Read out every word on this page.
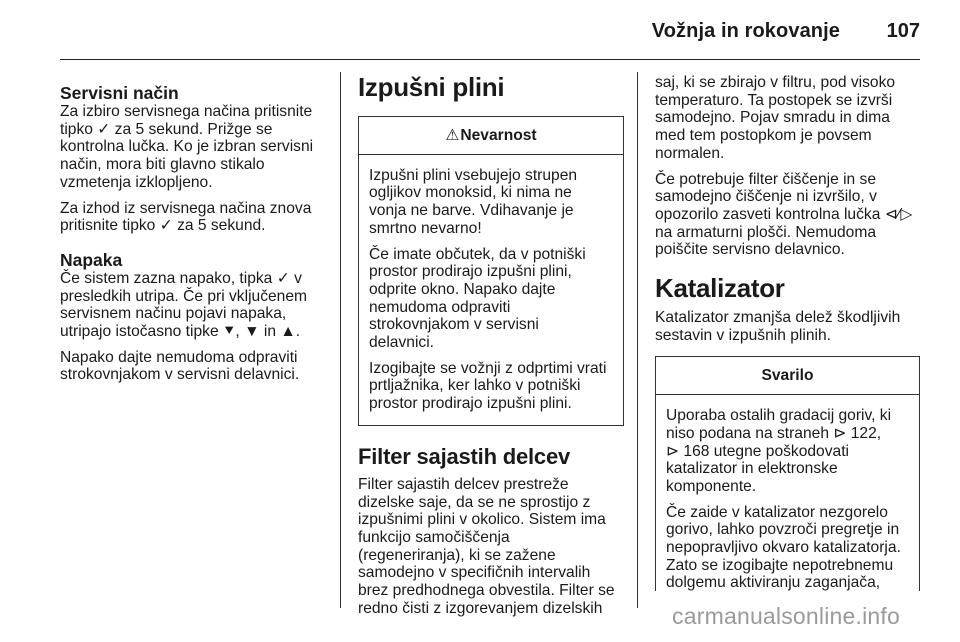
Vožnja in rokovanje 107
Servisni način

Za izbiro servisnega načina pritisnite
tipko ✓ za 5 sekund. Prižge se
kontrolna lučka. Ko je izbran servisni
način, mora biti glavno stikalo
vzmetenja izklopljeno.

Za izhod iz servisnega načina znova
pritisnite tipko ✓ za 5 sekund.

Napaka

Če sistem zazna napako, tipka ✓ v
presledkih utripa. Če pri vključenem
servisnem načinu pojavi napaka,
utripajo istočasno tipke ⯆, ▼ in ▲.

Napako dajte nemudoma odpraviti
strokovnjakom v servisni delavnici.

Izpušni plini
⚠Nevarnost

Izpušni plini vsebujejo strupen
ogljikov monoksid, ki nima ne
vonja ne barve. Vdihavanje je
smrtno nevarno!

Če imate občutek, da v potniški
prostor prodirajo izpušni plini,
odprite okno. Napako dajte
nemudoma odpraviti
strokovnjakom v servisni
delavnici.

Izogibajte se vožnji z odprtimi vrati
prtljažnika, ker lahko v potniški
prostor prodirajo izpušni plini.

Filter sajastih delcev

Filter sajastih delcev prestreže
dizelske saje, da se ne sprostijo z
izpušnimi plini v okolico. Sistem ima
funkcijo samočiščenja
(regeneriranja), ki se zažene
samodejno v specifičnih intervalih
brez predhodnega obvestila. Filter se
redno čisti z izgorevanjem dizelskih

saj, ki se zbirajo v filtru, pod visoko
temperaturo. Ta postopek se izvrši
samodejno. Pojav smradu in dima
med tem postopkom je povsem
normalen.

Če potrebuje filter čiščenje in se
samodejno čiščenje ni izvršilo, v
opozorilo zasveti kontrolna lučka ⊲⁄▷
na armaturni plošči. Nemudoma
poiščite servisno delavnico.

Katalizator

Katalizator zmanjša delež škodljivih
sestavin v izpušnih plinih.

Svarilo

Uporaba ostalih gradacij goriv, ki
niso podana na straneh ⊳ 122,
⊳ 168 utegne poškodovati
katalizator in elektronske
komponente.

Če zaide v katalizator nezgorelo
gorivo, lahko povzroči pregretje in
nepopravljivo okvaro katalizatorja.
Zato se izogibajte nepotrebnemu
dolgemu aktiviranju zaganjača,

carmanualsonline.info
